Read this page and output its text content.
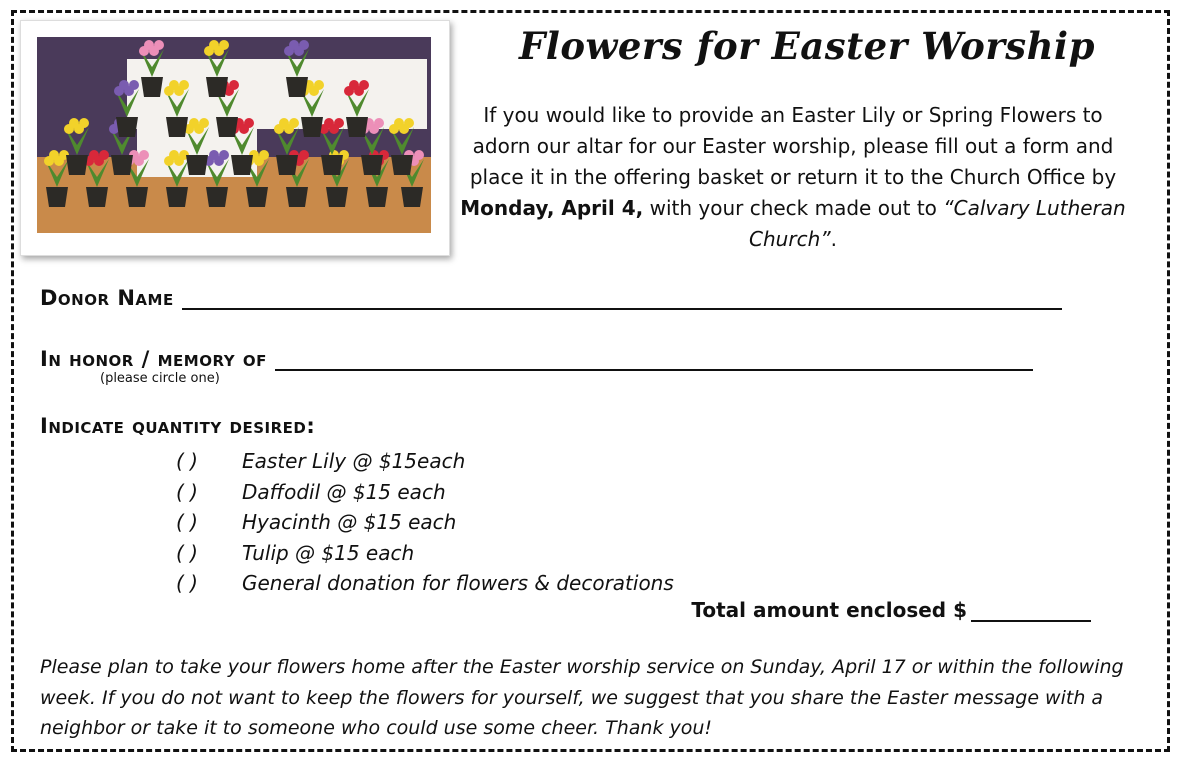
Flowers for Easter Worship
If you would like to provide an Easter Lily or Spring Flowers to adorn our altar for our Easter worship, please fill out a form and place it in the offering basket or return it to the Church Office by Monday, April 4, with your check made out to “Calvary Lutheran Church”.
Donor Name
In honor / memory of
(please circle one)
Indicate quantity desired:
( ) Easter Lily @ $15each
( ) Daffodil @ $15 each
( ) Hyacinth @ $15 each
( ) Tulip @ $15 each
( ) General donation for flowers & decorations
Total amount enclosed $
Please plan to take your flowers home after the Easter worship service on Sunday, April 17 or within the following week. If you do not want to keep the flowers for yourself, we suggest that you share the Easter message with a neighbor or take it to someone who could use some cheer. Thank you!
